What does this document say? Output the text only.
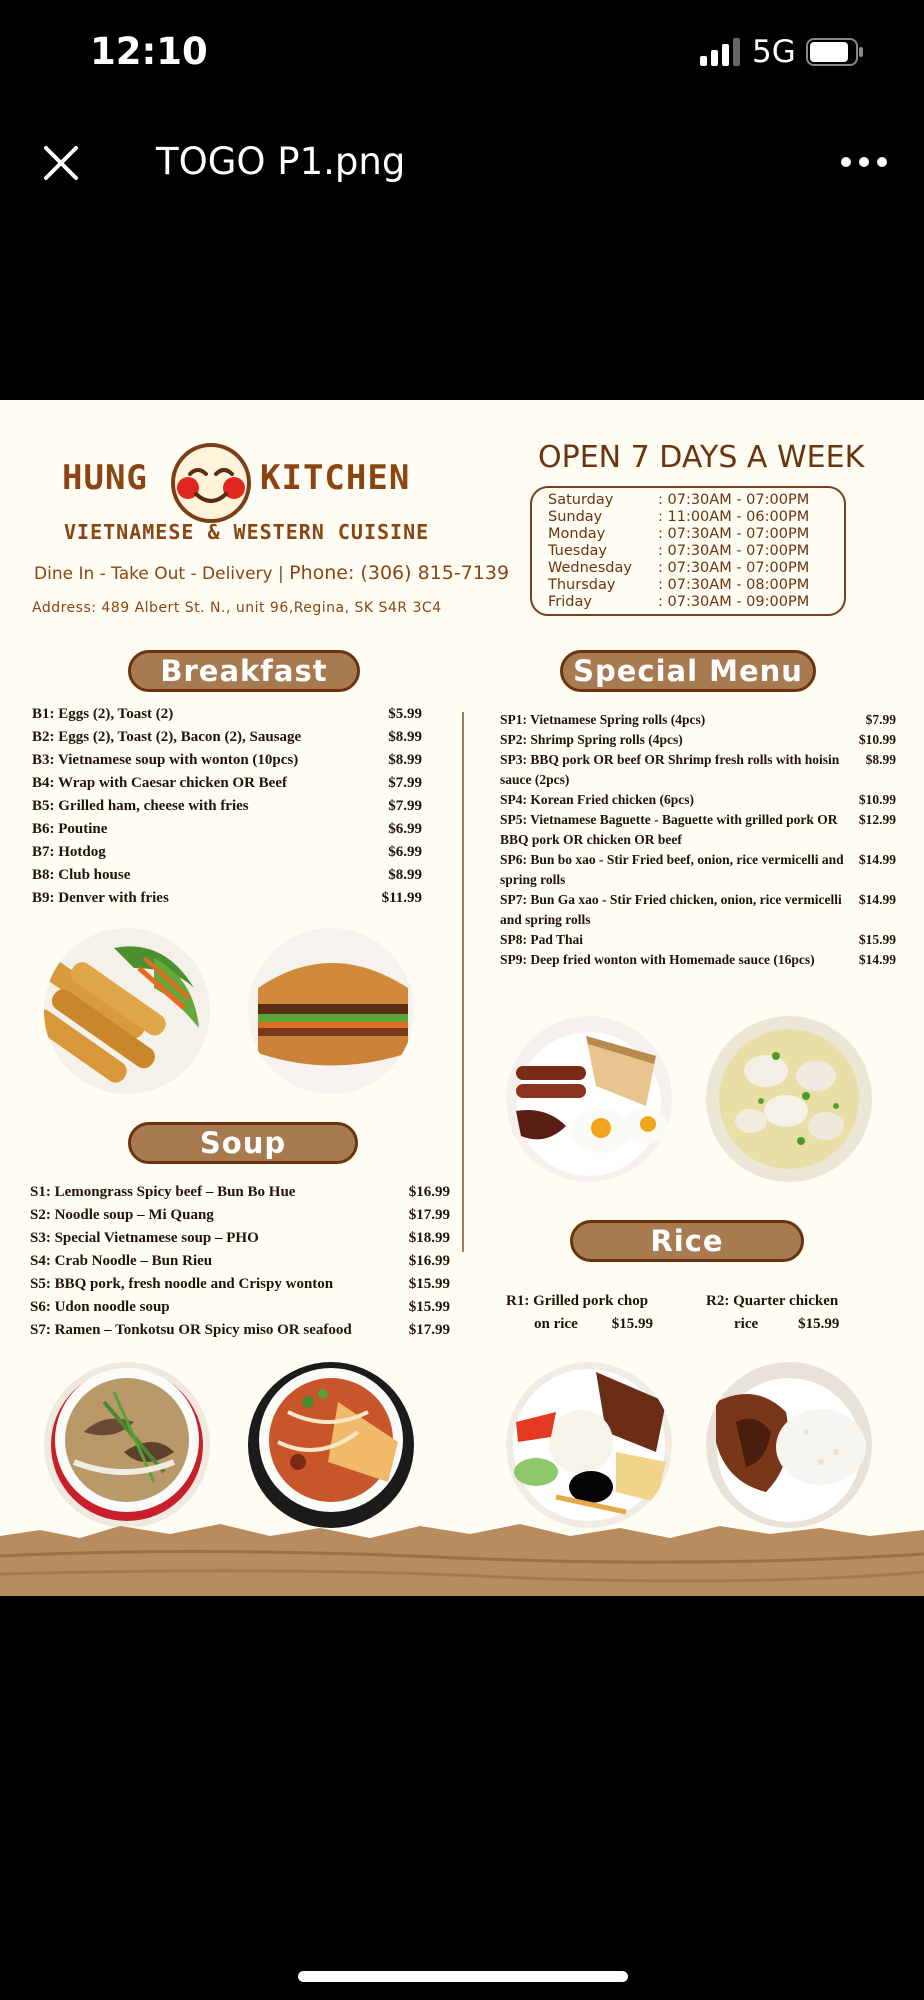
12:10	5G
TOGO P1.png
HUNG	KITCHEN
VIETNAMESE & WESTERN CUISINE
Dine In - Take Out - Delivery | Phone: (306) 815-7139
Address: 489 Albert St. N., unit 96,Regina, SK S4R 3C4
OPEN 7 DAYS A WEEK
Saturday	: 07:30AM - 07:00PM
Sunday	: 11:00AM - 06:00PM
Monday	: 07:30AM - 07:00PM
Tuesday	: 07:30AM - 07:00PM
Wednesday	: 07:30AM - 07:00PM
Thursday	: 07:30AM - 08:00PM
Friday	: 07:30AM - 09:00PM
Breakfast
B1: Eggs (2), Toast (2)	$5.99
B2: Eggs (2), Toast (2), Bacon (2), Sausage	$8.99
B3: Vietnamese soup with wonton (10pcs)	$8.99
B4: Wrap with Caesar chicken OR Beef	$7.99
B5: Grilled ham, cheese with fries	$7.99
B6: Poutine	$6.99
B7: Hotdog	$6.99
B8: Club house	$8.99
B9: Denver with fries	$11.99
Soup
S1: Lemongrass Spicy beef – Bun Bo Hue	$16.99
S2: Noodle soup – Mi Quang	$17.99
S3: Special Vietnamese soup – PHO	$18.99
S4: Crab Noodle – Bun Rieu	$16.99
S5: BBQ pork, fresh noodle and Crispy wonton	$15.99
S6: Udon noodle soup	$15.99
S7: Ramen – Tonkotsu OR Spicy miso OR seafood	$17.99
Special Menu
SP1: Vietnamese Spring rolls (4pcs)	$7.99
SP2: Shrimp Spring rolls (4pcs)	$10.99
SP3: BBQ pork OR beef OR Shrimp fresh rolls with hoisin sauce (2pcs)
$8.99
SP4: Korean Fried chicken (6pcs)	$10.99
SP5: Vietnamese Baguette - Baguette with grilled pork OR BBQ pork OR chicken OR beef
$12.99
SP6: Bun bo xao - Stir Fried beef, onion, rice vermicelli and spring rolls
$14.99
SP7: Bun Ga xao - Stir Fried chicken, onion, rice vermicelli and spring rolls
$14.99
SP8: Pad Thai	$15.99
SP9: Deep fried wonton with Homemade sauce (16pcs)	$14.99
Rice
R1: Grilled pork chop
on rice $15.99
R2: Quarter chicken
rice	$15.99
